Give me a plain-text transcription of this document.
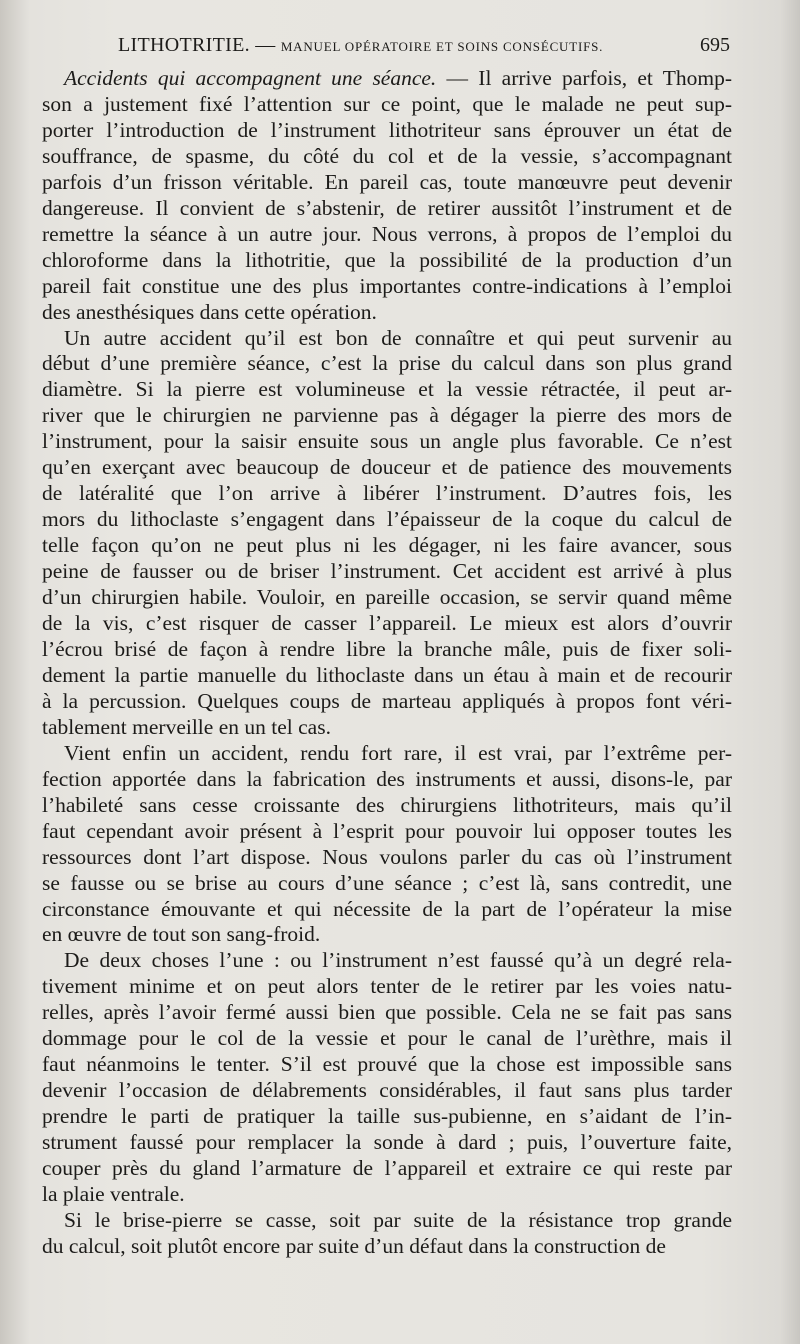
LITHOTRITIE. — MANUEL OPÉRATOIRE ET SOINS CONSÉCUTIFS.	695
Accidents qui accompagnent une séance. — Il arrive parfois, et Thomp-
son a justement fixé l’attention sur ce point, que le malade ne peut sup-
porter l’introduction de l’instrument lithotriteur sans éprouver un état de
souffrance, de spasme, du côté du col et de la vessie, s’accompagnant
parfois d’un frisson véritable. En pareil cas, toute manœuvre peut devenir
dangereuse. Il convient de s’abstenir, de retirer aussitôt l’instrument et de
remettre la séance à un autre jour. Nous verrons, à propos de l’emploi du
chloroforme dans la lithotritie, que la possibilité de la production d’un
pareil fait constitue une des plus importantes contre-indications à l’emploi
des anesthésiques dans cette opération.
Un autre accident qu’il est bon de connaître et qui peut survenir au
début d’une première séance, c’est la prise du calcul dans son plus grand
diamètre. Si la pierre est volumineuse et la vessie rétractée, il peut ar-
river que le chirurgien ne parvienne pas à dégager la pierre des mors de
l’instrument, pour la saisir ensuite sous un angle plus favorable. Ce n’est
qu’en exerçant avec beaucoup de douceur et de patience des mouvements
de latéralité que l’on arrive à libérer l’instrument. D’autres fois, les
mors du lithoclaste s’engagent dans l’épaisseur de la coque du calcul de
telle façon qu’on ne peut plus ni les dégager, ni les faire avancer, sous
peine de fausser ou de briser l’instrument. Cet accident est arrivé à plus
d’un chirurgien habile. Vouloir, en pareille occasion, se servir quand même
de la vis, c’est risquer de casser l’appareil. Le mieux est alors d’ouvrir
l’écrou brisé de façon à rendre libre la branche mâle, puis de fixer soli-
dement la partie manuelle du lithoclaste dans un étau à main et de recourir
à la percussion. Quelques coups de marteau appliqués à propos font véri-
tablement merveille en un tel cas.
Vient enfin un accident, rendu fort rare, il est vrai, par l’extrême per-
fection apportée dans la fabrication des instruments et aussi, disons-le, par
l’habileté sans cesse croissante des chirurgiens lithotriteurs, mais qu’il
faut cependant avoir présent à l’esprit pour pouvoir lui opposer toutes les
ressources dont l’art dispose. Nous voulons parler du cas où l’instrument
se fausse ou se brise au cours d’une séance ; c’est là, sans contredit, une
circonstance émouvante et qui nécessite de la part de l’opérateur la mise
en œuvre de tout son sang-froid.
De deux choses l’une : ou l’instrument n’est faussé qu’à un degré rela-
tivement minime et on peut alors tenter de le retirer par les voies natu-
relles, après l’avoir fermé aussi bien que possible. Cela ne se fait pas sans
dommage pour le col de la vessie et pour le canal de l’urèthre, mais il
faut néanmoins le tenter. S’il est prouvé que la chose est impossible sans
devenir l’occasion de délabrements considérables, il faut sans plus tarder
prendre le parti de pratiquer la taille sus-pubienne, en s’aidant de l’in-
strument faussé pour remplacer la sonde à dard ; puis, l’ouverture faite,
couper près du gland l’armature de l’appareil et extraire ce qui reste par
la plaie ventrale.
Si le brise-pierre se casse, soit par suite de la résistance trop grande
du calcul, soit plutôt encore par suite d’un défaut dans la construction de
